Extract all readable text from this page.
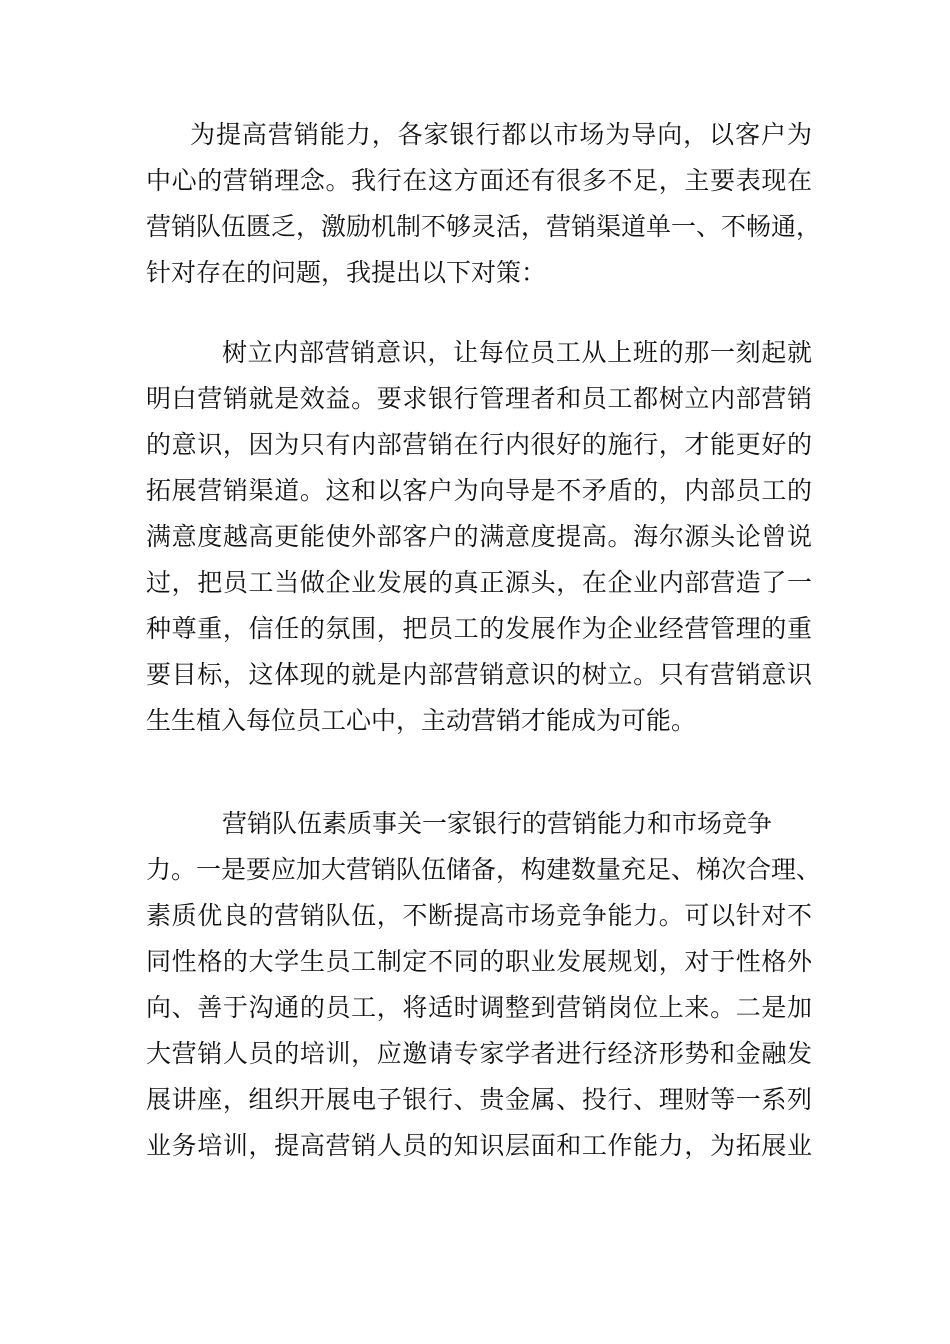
为提高营销能力，各家银行都以市场为导向，以客户为
中心的营销理念。我行在这方面还有很多不足，主要表现在
营销队伍匮乏，激励机制不够灵活，营销渠道单一、不畅通，
针对存在的问题，我提出以下对策：
树立内部营销意识，让每位员工从上班的那一刻起就
明白营销就是效益。要求银行管理者和员工都树立内部营销
的意识，因为只有内部营销在行内很好的施行，才能更好的
拓展营销渠道。这和以客户为向导是不矛盾的，内部员工的
满意度越高更能使外部客户的满意度提高。海尔源头论曾说
过，把员工当做企业发展的真正源头，在企业内部营造了一
种尊重，信任的氛围，把员工的发展作为企业经营管理的重
要目标，这体现的就是内部营销意识的树立。只有营销意识
生生植入每位员工心中，主动营销才能成为可能。
营销队伍素质事关一家银行的营销能力和市场竞争
力。一是要应加大营销队伍储备，构建数量充足、梯次合理、
素质优良的营销队伍，不断提高市场竞争能力。可以针对不
同性格的大学生员工制定不同的职业发展规划，对于性格外
向、善于沟通的员工，将适时调整到营销岗位上来。二是加
大营销人员的培训，应邀请专家学者进行经济形势和金融发
展讲座，组织开展电子银行、贵金属、投行、理财等一系列
业务培训，提高营销人员的知识层面和工作能力，为拓展业
